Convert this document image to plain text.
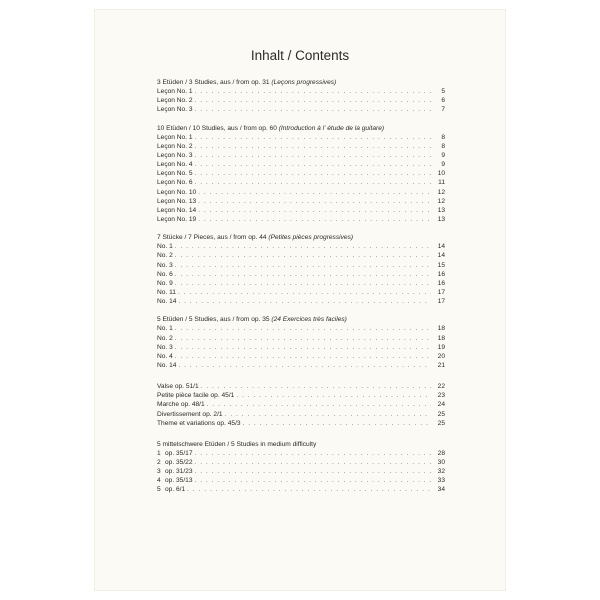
Inhalt / Contents
3 Etüden / 3 Studies, aus / from op. 31 (Leçons progressives)
Leçon No. 1 . . .	5
Leçon No. 2 . . .	6
Leçon No. 3 . . .	7
10 Etüden / 10 Studies, aus / from op. 60 (Introduction à l' étude de la guitare)
Leçon No. 1 . . .	8
Leçon No. 2 . . .	8
Leçon No. 3 . . .	9
Leçon No. 4 . . .	9
Leçon No. 5 . . .	10
Leçon No. 6 . . .	11
Leçon No. 10 . . .	12
Leçon No. 13 . . .	12
Leçon No. 14 . . .	13
Leçon No. 19 . . .	13
7 Stücke / 7 Pieces, aus / from op. 44 (Petites pièces progressives)
No. 1 . . .	14
No. 2 . . .	14
No. 3 . . .	15
No. 6 . . .	16
No. 9 . . .	16
No. 11 . . .	17
No. 14 . . .	17
5 Etüden / 5 Studies, aus / from op. 35 (24 Exercices très faciles)
No. 1 . . .	18
No. 2 . . .	18
No. 3 . . .	19
No. 4 . . .	20
No. 14 . . .	21
Valse op. 51/1 . . .	22
Petite pièce facile op. 45/1 . . .	23
Marche op. 48/1 . . .	24
Divertissement op. 2/1 . . .	25
Theme et variations op. 45/3 . . .	25
5 mittelschwere Etüden / 5 Studies in medium difficulty
1 op. 35/17 . . .	28
2 op. 35/22 . . .	30
3 op. 31/23 . . .	32
4 op. 35/13 . . .	33
5 op. 6/1 . . .	34
